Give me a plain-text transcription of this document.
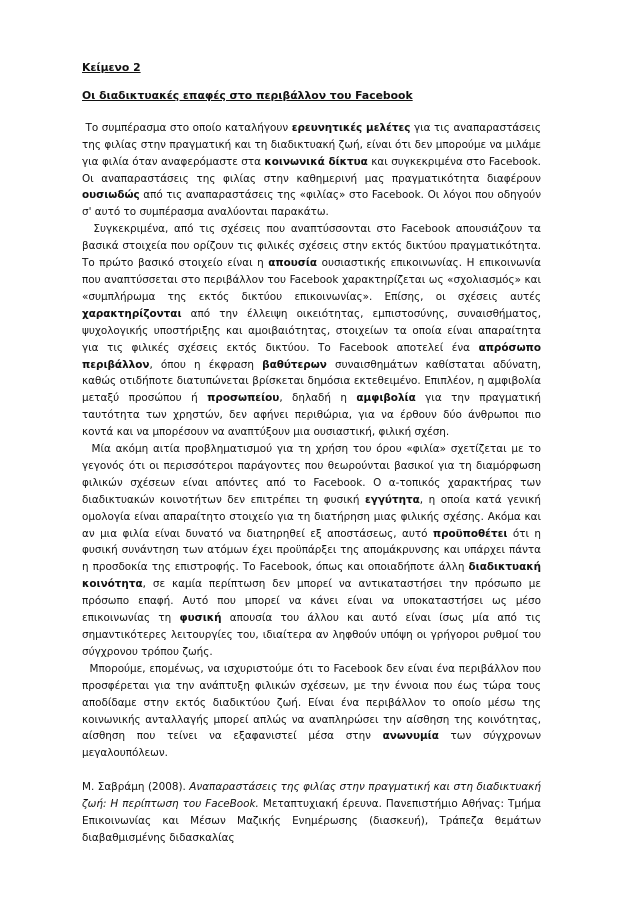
Κείμενο 2

Οι διαδικτυακές επαφές στο περιβάλλον του Facebook

Το συμπέρασμα στο οποίο καταλήγουν ερευνητικές μελέτες για τις αναπαραστάσεις της φιλίας στην πραγματική και τη διαδικτυακή ζωή, είναι ότι δεν μπορούμε να μιλάμε για φιλία όταν αναφερόμαστε στα κοινωνικά δίκτυα και συγκεκριμένα στο Facebook. Οι αναπαραστάσεις της φιλίας στην καθημερινή μας πραγματικότητα διαφέρουν ουσιωδώς από τις αναπαραστάσεις της «φιλίας» στο Facebook. Οι λόγοι που οδηγούν σ' αυτό το συμπέρασμα αναλύονται παρακάτω.

Συγκεκριμένα, από τις σχέσεις που αναπτύσσονται στο Facebook απουσιάζουν τα βασικά στοιχεία που ορίζουν τις φιλικές σχέσεις στην εκτός δικτύου πραγματικότητα. Το πρώτο βασικό στοιχείο είναι η απουσία ουσιαστικής επικοινωνίας. Η επικοινωνία που αναπτύσσεται στο περιβάλλον του Facebook χαρακτηρίζεται ως «σχολιασμός» και «συμπλήρωμα της εκτός δικτύου επικοινωνίας». Επίσης, οι σχέσεις αυτές χαρακτηρίζονται από την έλλειψη οικειότητας, εμπιστοσύνης, συναισθήματος, ψυχολογικής υποστήριξης και αμοιβαιότητας, στοιχείων τα οποία είναι απαραίτητα για τις φιλικές σχέσεις εκτός δικτύου. Το Facebook αποτελεί ένα απρόσωπο περιβάλλον, όπου η έκφραση βαθύτερων συναισθημάτων καθίσταται αδύνατη, καθώς οτιδήποτε διατυπώνεται βρίσκεται δημόσια εκτεθειμένο. Επιπλέον, η αμφιβολία μεταξύ προσώπου ή προσωπείου, δηλαδή η αμφιβολία για την πραγματική ταυτότητα των χρηστών, δεν αφήνει περιθώρια, για να έρθουν δύο άνθρωποι πιο κοντά και να μπορέσουν να αναπτύξουν μια ουσιαστική, φιλική σχέση.

Μία ακόμη αιτία προβληματισμού για τη χρήση του όρου «φιλία» σχετίζεται με το γεγονός ότι οι περισσότεροι παράγοντες που θεωρούνται βασικοί για τη διαμόρφωση φιλικών σχέσεων είναι απόντες από το Facebook. Ο α-τοπικός χαρακτήρας των διαδικτυακών κοινοτήτων δεν επιτρέπει τη φυσική εγγύτητα, η οποία κατά γενική ομολογία είναι απαραίτητο στοιχείο για τη διατήρηση μιας φιλικής σχέσης. Ακόμα και αν μια φιλία είναι δυνατό να διατηρηθεί εξ αποστάσεως, αυτό προϋποθέτει ότι η φυσική συνάντηση των ατόμων έχει προϋπάρξει της απομάκρυνσης και υπάρχει πάντα η προσδοκία της επιστροφής. Το Facebook, όπως και οποιαδήποτε άλλη διαδικτυακή κοινότητα, σε καμία περίπτωση δεν μπορεί να αντικαταστήσει την πρόσωπο με πρόσωπο επαφή. Αυτό που μπορεί να κάνει είναι να υποκαταστήσει ως μέσο επικοινωνίας τη φυσική απουσία του άλλου και αυτό είναι ίσως μία από τις σημαντικότερες λειτουργίες του, ιδιαίτερα αν ληφθούν υπόψη οι γρήγοροι ρυθμοί του σύγχρονου τρόπου ζωής.

Μπορούμε, επομένως, να ισχυριστούμε ότι το Facebook δεν είναι ένα περιβάλλον που προσφέρεται για την ανάπτυξη φιλικών σχέσεων, με την έννοια που έως τώρα τους αποδίδαμε στην εκτός διαδικτύου ζωή. Είναι ένα περιβάλλον το οποίο μέσω της κοινωνικής ανταλλαγής μπορεί απλώς να αναπληρώσει την αίσθηση της κοινότητας, αίσθηση που τείνει να εξαφανιστεί μέσα στην ανωνυμία των σύγχρονων μεγαλουπόλεων.

Μ. Σαβράμη (2008). Αναπαραστάσεις της φιλίας στην πραγματική και στη διαδικτυακή ζωή: Η περίπτωση του FaceBook. Μεταπτυχιακή έρευνα. Πανεπιστήμιο Αθήνας: Τμήμα Επικοινωνίας και Μέσων Μαζικής Ενημέρωσης (διασκευή), Τράπεζα θεμάτων διαβαθμισμένης διδασκαλίας
